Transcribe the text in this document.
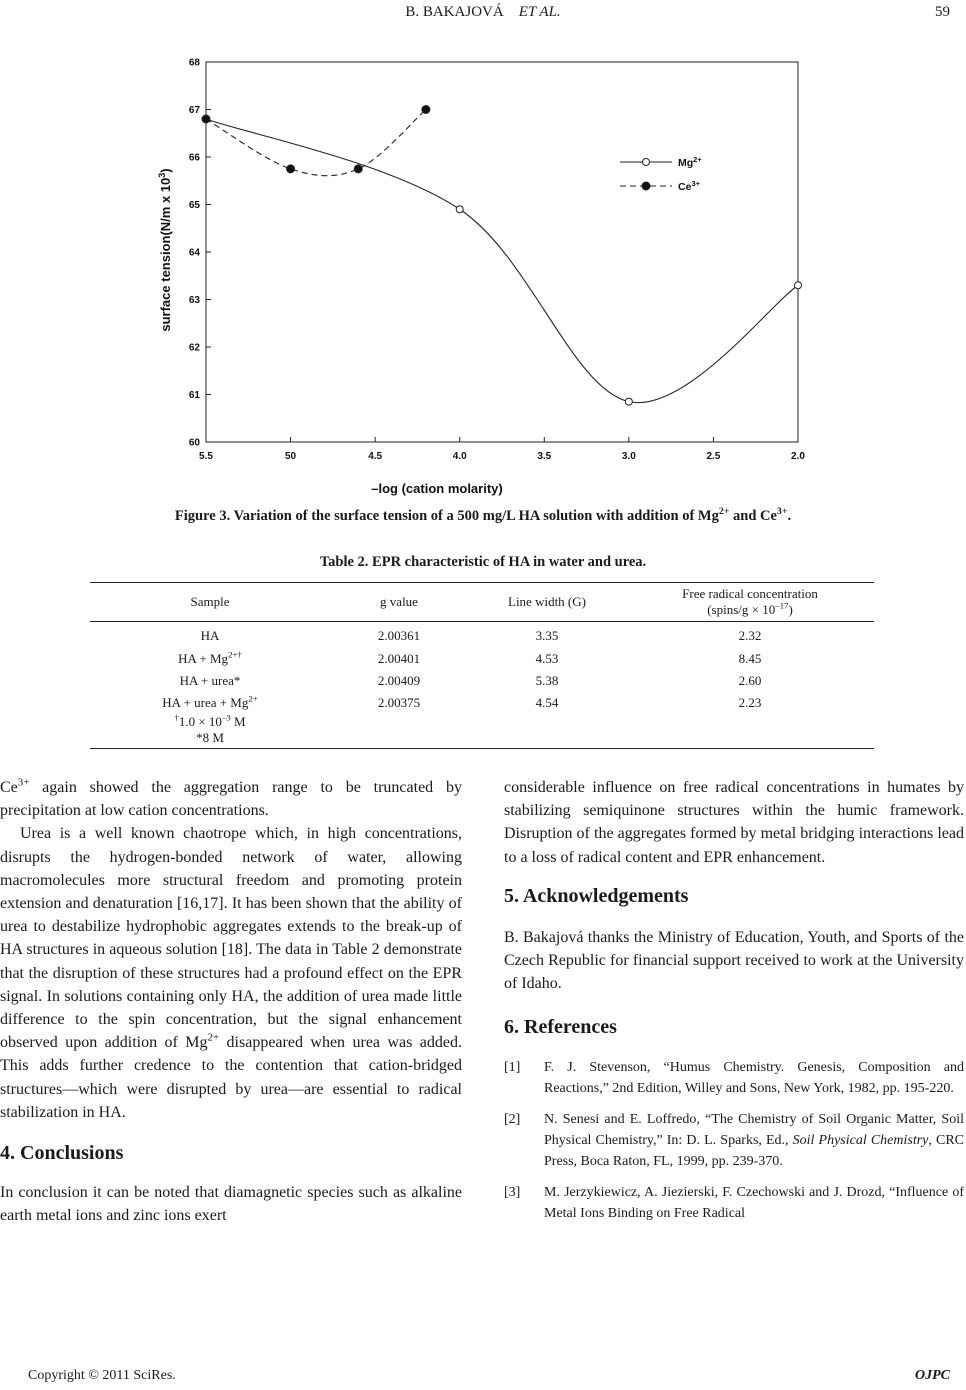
B. BAKAJOVÁ ET AL.	59
60
61
62
63
64
65
66
67
68
5.5	50	4.5	4.0	3.5	3.0	2.5	2.0
$Mg^{2+}$
$Ce^{3+}$
–log (cation molarity)
surface tension(N/m x $10^3$)
Figure 3. Variation of the surface tension of a 500 mg/L HA solution with addition of $Mg^{2+}$ and $Ce^{3+}$.
Table 2. EPR characteristic of HA in water and urea.
Sample	g value	Line width (G)	Free radical concentration
(spins/g × $10^{-17}$)
HA	2.00361	3.35	2.32
HA + $Mg^{2+\dagger}$	2.00401	4.53	8.45
HA + urea*	2.00409	5.38	2.60
HA + urea + $Mg^{2+}$	2.00375	4.54	2.23
$^\dagger 1.0 \times 10^{-3}$ M			
*8 M			

$Ce^{3+}$ again showed the aggregation range to be truncated by precipitation at low cation concentrations.

Urea is a well known chaotrope which, in high concentrations, disrupts the hydrogen-bonded network of water, allowing macromolecules more structural freedom and promoting protein extension and denaturation [16,17]. It has been shown that the ability of urea to destabilize hydrophobic aggregates extends to the break-up of HA structures in aqueous solution [18]. The data in Table 2 demonstrate that the disruption of these structures had a profound effect on the EPR signal. In solutions containing only HA, the addition of urea made little difference to the spin concentration, but the signal enhancement observed upon addition of $Mg^{2+}$ disappeared when urea was added. This adds further credence to the contention that cation-bridged structures―which were disrupted by urea―are essential to radical stabilization in HA.

4. Conclusions

In conclusion it can be noted that diamagnetic species such as alkaline earth metal ions and zinc ions exert

considerable influence on free radical concentrations in humates by stabilizing semiquinone structures within the humic framework. Disruption of the aggregates formed by metal bridging interactions lead to a loss of radical content and EPR enhancement.

5. Acknowledgements

B. Bakajová thanks the Ministry of Education, Youth, and Sports of the Czech Republic for financial support received to work at the University of Idaho.

6. References
[1]	F. J. Stevenson, “Humus Chemistry. Genesis, Composition and Reactions,” 2nd Edition, Willey and Sons, New York, 1982, pp. 195-220.
[2]	N. Senesi and E. Loffredo, “The Chemistry of Soil Organic Matter, Soil Physical Chemistry,” In: D. L. Sparks, Ed., Soil Physical Chemistry, CRC Press, Boca Raton, FL, 1999, pp. 239-370.
[3]	M. Jerzykiewicz, A. Jiezierski, F. Czechowski and J. Drozd, “Influence of Metal Ions Binding on Free Radical
Copyright © 2011 SciRes.	OJPC
